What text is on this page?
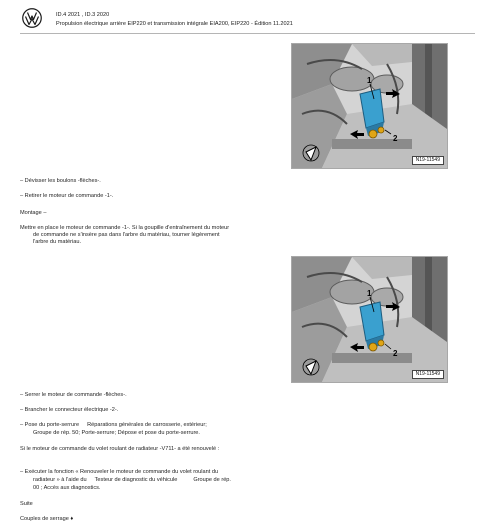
ID.4 2021 , ID.3 2020
Propulsion électrique arrière EIP220 et transmission intégrale EIA200, EIP220 - Édition 11.2021
1
2
N19-11549
– Dévisser les boulons -flèches-.
– Retirer le moteur de commande -1-.
Montage –
Mettre en place le moteur de commande -1-. Si la goupille d'entraînement du moteur
de commande ne s'insère pas dans l'arbre du matériau, tourner légèrement
l'arbre du matériau.
1
2
N19-11549
– Serrer le moteur de commande -flèches-.
– Brancher le connecteur électrique -2-.
– Pose du porte-serrure Réparations générales de carrosserie, extérieur;
Groupe de rép. 50; Porte-serrure; Dépose et pose du porte-serrure.
Si le moteur de commande du volet roulant de radiateur -V711- a été renouvelé :
– Exécuter la fonction « Renouveler le moteur de commande du volet roulant du
radiateur » à l'aide du Testeur de diagnostic du véhicule	Groupe de rép.
00 ; Accès aux diagnostics.
Suite
Couples de serrage ♦
